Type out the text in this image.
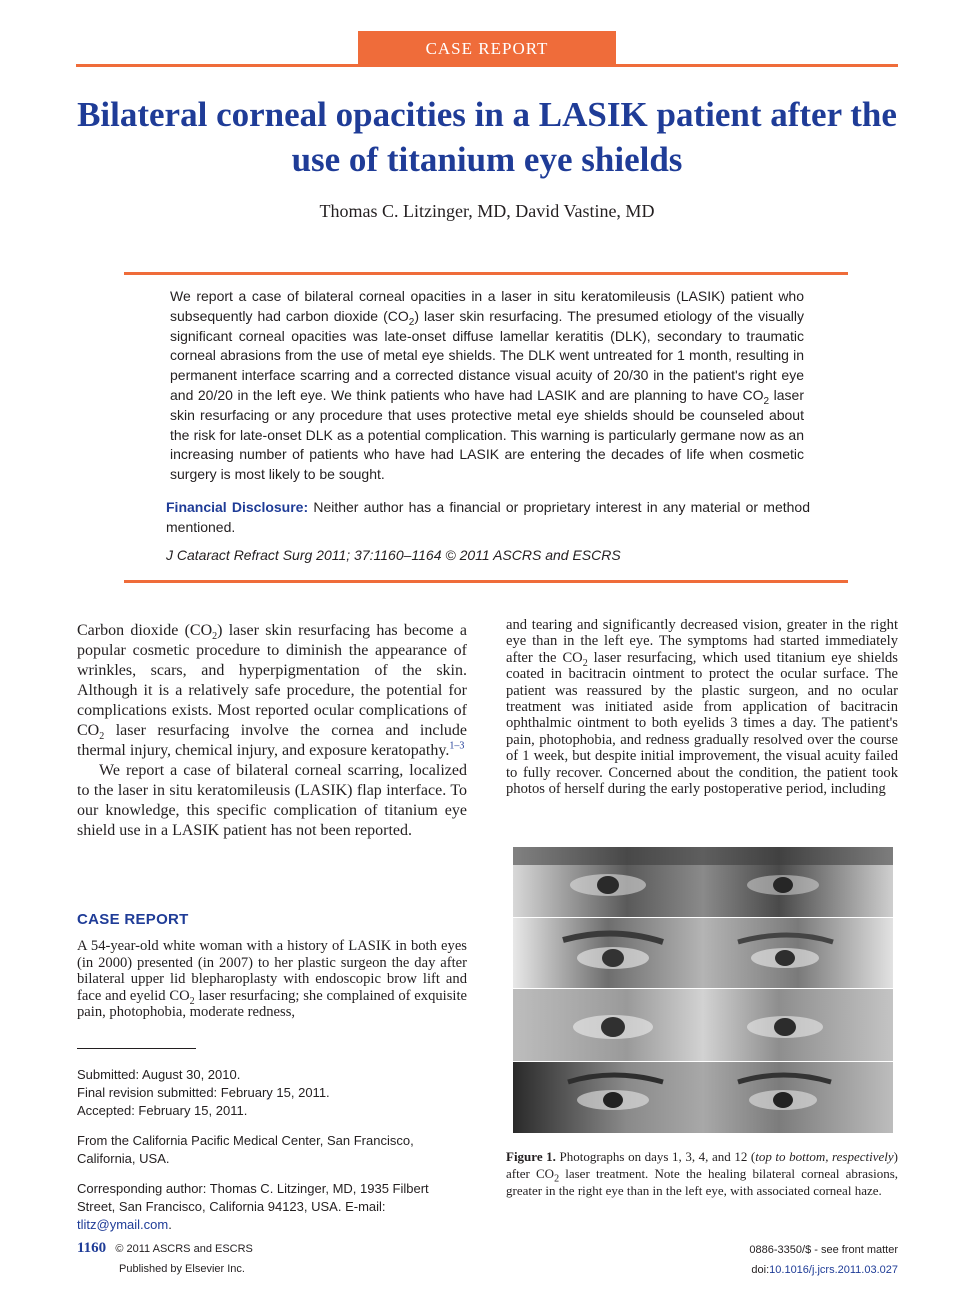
CASE REPORT
Bilateral corneal opacities in a LASIK patient after the use of titanium eye shields
Thomas C. Litzinger, MD, David Vastine, MD
We report a case of bilateral corneal opacities in a laser in situ keratomileusis (LASIK) patient who subsequently had carbon dioxide $(CO_2)$ laser skin resurfacing. The presumed etiology of the visually significant corneal opacities was late-onset diffuse lamellar keratitis (DLK), secondary to traumatic corneal abrasions from the use of metal eye shields. The DLK went untreated for 1 month, resulting in permanent interface scarring and a corrected distance visual acuity of 20/30 in the patient's right eye and 20/20 in the left eye. We think patients who have had LASIK and are planning to have $CO_2$ laser skin resurfacing or any procedure that uses protective metal eye shields should be counseled about the risk for late-onset DLK as a potential complication. This warning is particularly germane now as an increasing number of patients who have had LASIK are entering the decades of life when cosmetic surgery is most likely to be sought.
Financial Disclosure: Neither author has a financial or proprietary interest in any material or method mentioned.
J Cataract Refract Surg 2011; 37:1160–1164 © 2011 ASCRS and ESCRS

Carbon dioxide $(CO_2)$ laser skin resurfacing has become a popular cosmetic procedure to diminish the appearance of wrinkles, scars, and hyperpigmentation of the skin. Although it is a relatively safe procedure, the potential for complications exists. Most reported ocular complications of $CO_2$ laser resurfacing involve the cornea and include thermal injury, chemical injury, and exposure keratopathy.$^{1-3}$

We report a case of bilateral corneal scarring, localized to the laser in situ keratomileusis (LASIK) flap interface. To our knowledge, this specific complication of titanium eye shield use in a LASIK patient has not been reported.

CASE REPORT
A 54-year-old white woman with a history of LASIK in both eyes (in 2000) presented (in 2007) to her plastic surgeon the day after bilateral upper lid blepharoplasty with endoscopic brow lift and face and eyelid $CO_2$ laser resurfacing; she complained of exquisite pain, photophobia, moderate redness,
Submitted: August 30, 2010.
Final revision submitted: February 15, 2011.
Accepted: February 15, 2011.
From the California Pacific Medical Center, San Francisco, California, USA.
Corresponding author: Thomas C. Litzinger, MD, 1935 Filbert Street, San Francisco, California 94123, USA. E-mail: tlitz@ymail.com.
and tearing and significantly decreased vision, greater in the right eye than in the left eye. The symptoms had started immediately after the $CO_2$ laser resurfacing, which used titanium eye shields coated in bacitracin ointment to protect the ocular surface. The patient was reassured by the plastic surgeon, and no ocular treatment was initiated aside from application of bacitracin ophthalmic ointment to both eyelids 3 times a day. The patient's pain, photophobia, and redness gradually resolved over the course of 1 week, but despite initial improvement, the visual acuity failed to fully recover. Concerned about the condition, the patient took photos of herself during the early postoperative period, including
Figure 1. Photographs on days 1, 3, 4, and 12 (top to bottom, respectively) after $CO_2$ laser treatment. Note the healing bilateral corneal abrasions, greater in the right eye than in the left eye, with associated corneal haze.
1160 © 2011 ASCRS and ESCRS
Published by Elsevier Inc.
0886-3350/$ - see front matter
doi:10.1016/j.jcrs.2011.03.027
